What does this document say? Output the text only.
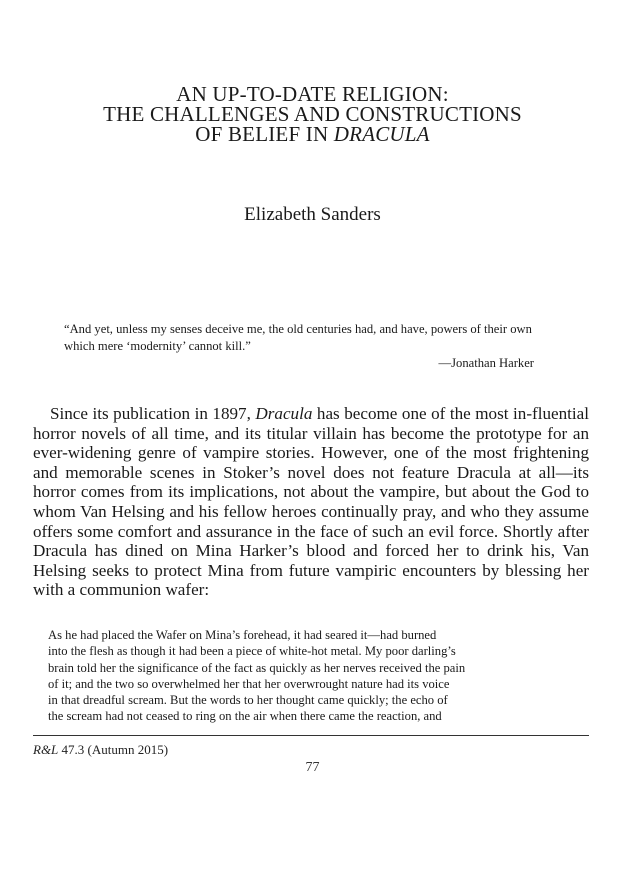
AN UP-TO-DATE RELIGION:
THE CHALLENGES AND CONSTRUCTIONS
OF BELIEF IN DRACULA
Elizabeth Sanders
“And yet, unless my senses deceive me, the old centuries had, and have, powers of their own which mere ‘modernity’ cannot kill.”
—Jonathan Harker
Since its publication in 1897, Dracula has become one of the most in-fluential horror novels of all time, and its titular villain has become the prototype for an ever-widening genre of vampire stories. However, one of the most frightening and memorable scenes in Stoker’s novel does not feature Dracula at all—its horror comes from its implications, not about the vampire, but about the God to whom Van Helsing and his fellow heroes continually pray, and who they assume offers some comfort and assurance in the face of such an evil force. Shortly after Dracula has dined on Mina Harker’s blood and forced her to drink his, Van Helsing seeks to protect Mina from future vampiric encounters by blessing her with a communion wafer:
As he had placed the Wafer on Mina’s forehead, it had seared it—had burned
into the flesh as though it had been a piece of white-hot metal. My poor darling’s
brain told her the significance of the fact as quickly as her nerves received the pain
of it; and the two so overwhelmed her that her overwrought nature had its voice
in that dreadful scream. But the words to her thought came quickly; the echo of
the scream had not ceased to ring on the air when there came the reaction, and
R&L 47.3 (Autumn 2015)
77
